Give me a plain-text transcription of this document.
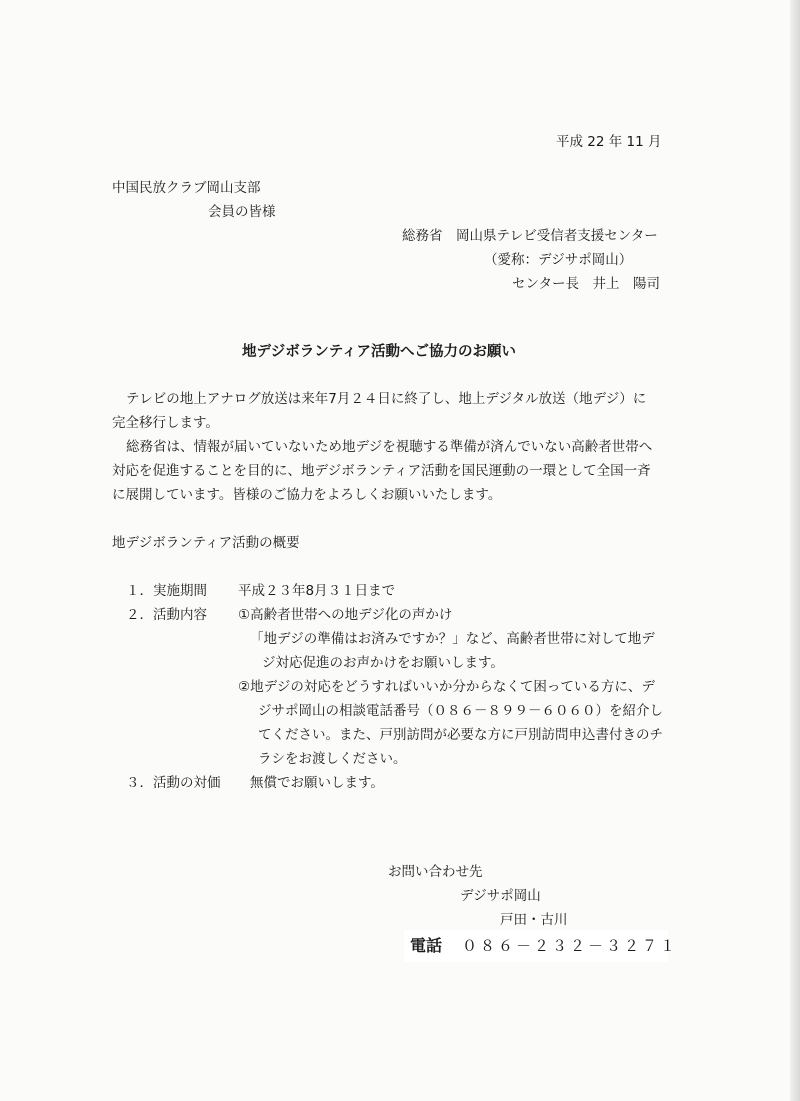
平成 22 年 11 月
中国民放クラブ岡山支部
会員の皆様
総務省　岡山県テレビ受信者支援センター
（愛称：デジサポ岡山）
センター長　井上　陽司
地デジボランティア活動へご協力のお願い
テレビの地上アナログ放送は来年7月２４日に終了し、地上デジタル放送（地デジ）に
完全移行します。
総務省は、情報が届いていないため地デジを視聴する準備が済んでいない高齢者世帯へ
対応を促進することを目的に、地デジボランティア活動を国民運動の一環として全国一斉
に展開しています。皆様のご協力をよろしくお願いいたします。
地デジボランティア活動の概要
１．実施期間 平成２３年8月３１日まで
２．活動内容 ①高齢者世帯への地デジ化の声かけ
「地デジの準備はお済みですか？」など、高齢者世帯に対して地デ
ジ対応促進のお声かけをお願いします。
②地デジの対応をどうすればいいか分からなくて困っている方に、デ
ジサポ岡山の相談電話番号（０８６－８９９－６０６０）を紹介し
てください。また、戸別訪問が必要な方に戸別訪問申込書付きのチ
ラシをお渡しください。
３．活動の対価 無償でお願いします。
お問い合わせ先
デジサポ岡山
戸田・古川
電話 ０８６－２３２－３２７１
